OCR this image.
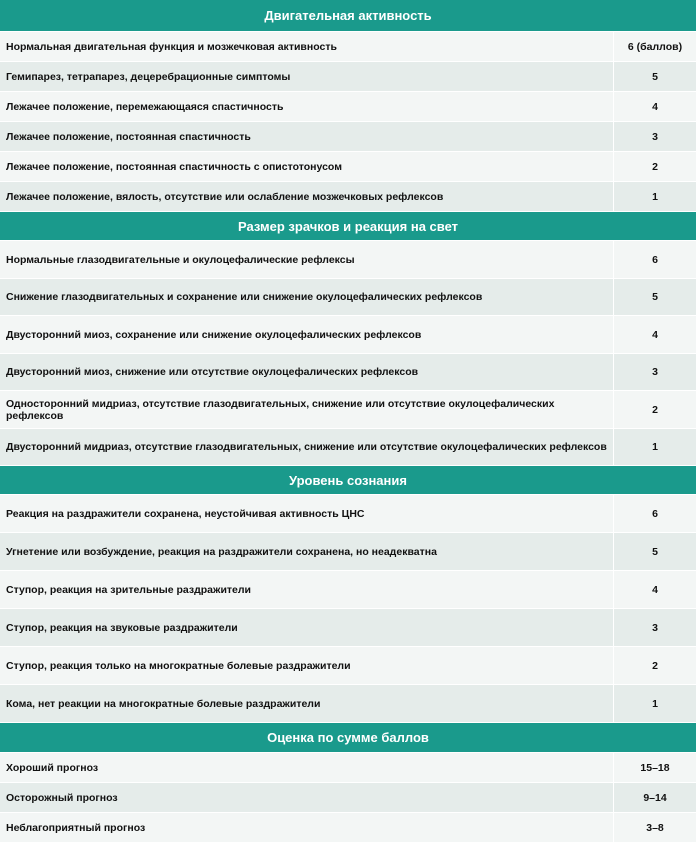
Двигательная активность
Нормальная двигательная функция и мозжечковая активность	6 (баллов)
Гемипарез, тетрапарез, децеребрационные симптомы	5
Лежачее положение, перемежающаяся спастичность	4
Лежачее положение, постоянная спастичность	3
Лежачее положение, постоянная спастичность с опистотонусом	2
Лежачее положение, вялость, отсутствие или ослабление мозжечковых рефлексов	1
Размер зрачков и реакция на свет
Нормальные глазодвигательные и окулоцефалические рефлексы	6
Снижение глазодвигательных и сохранение или снижение окулоцефалических рефлексов	5
Двусторонний миоз, сохранение или снижение окулоцефалических рефлексов	4
Двусторонний миоз, снижение или отсутствие окулоцефалических рефлексов	3
Односторонний мидриаз, отсутствие глазодвигательных, снижение или отсутствие окулоцефалических рефлексов	2
Двусторонний мидриаз, отсутствие глазодвигательных, снижение или отсутствие окулоцефалических рефлексов	1
Уровень сознания
Реакция на раздражители сохранена, неустойчивая активность ЦНС	6
Угнетение или возбуждение, реакция на раздражители сохранена, но неадекватна	5
Ступор, реакция на зрительные раздражители	4
Ступор, реакция на звуковые раздражители	3
Ступор, реакция только на многократные болевые раздражители	2
Кома, нет реакции на многократные болевые раздражители	1
Оценка по сумме баллов
Хороший прогноз	15–18
Осторожный прогноз	9–14
Неблагоприятный прогноз	3–8
